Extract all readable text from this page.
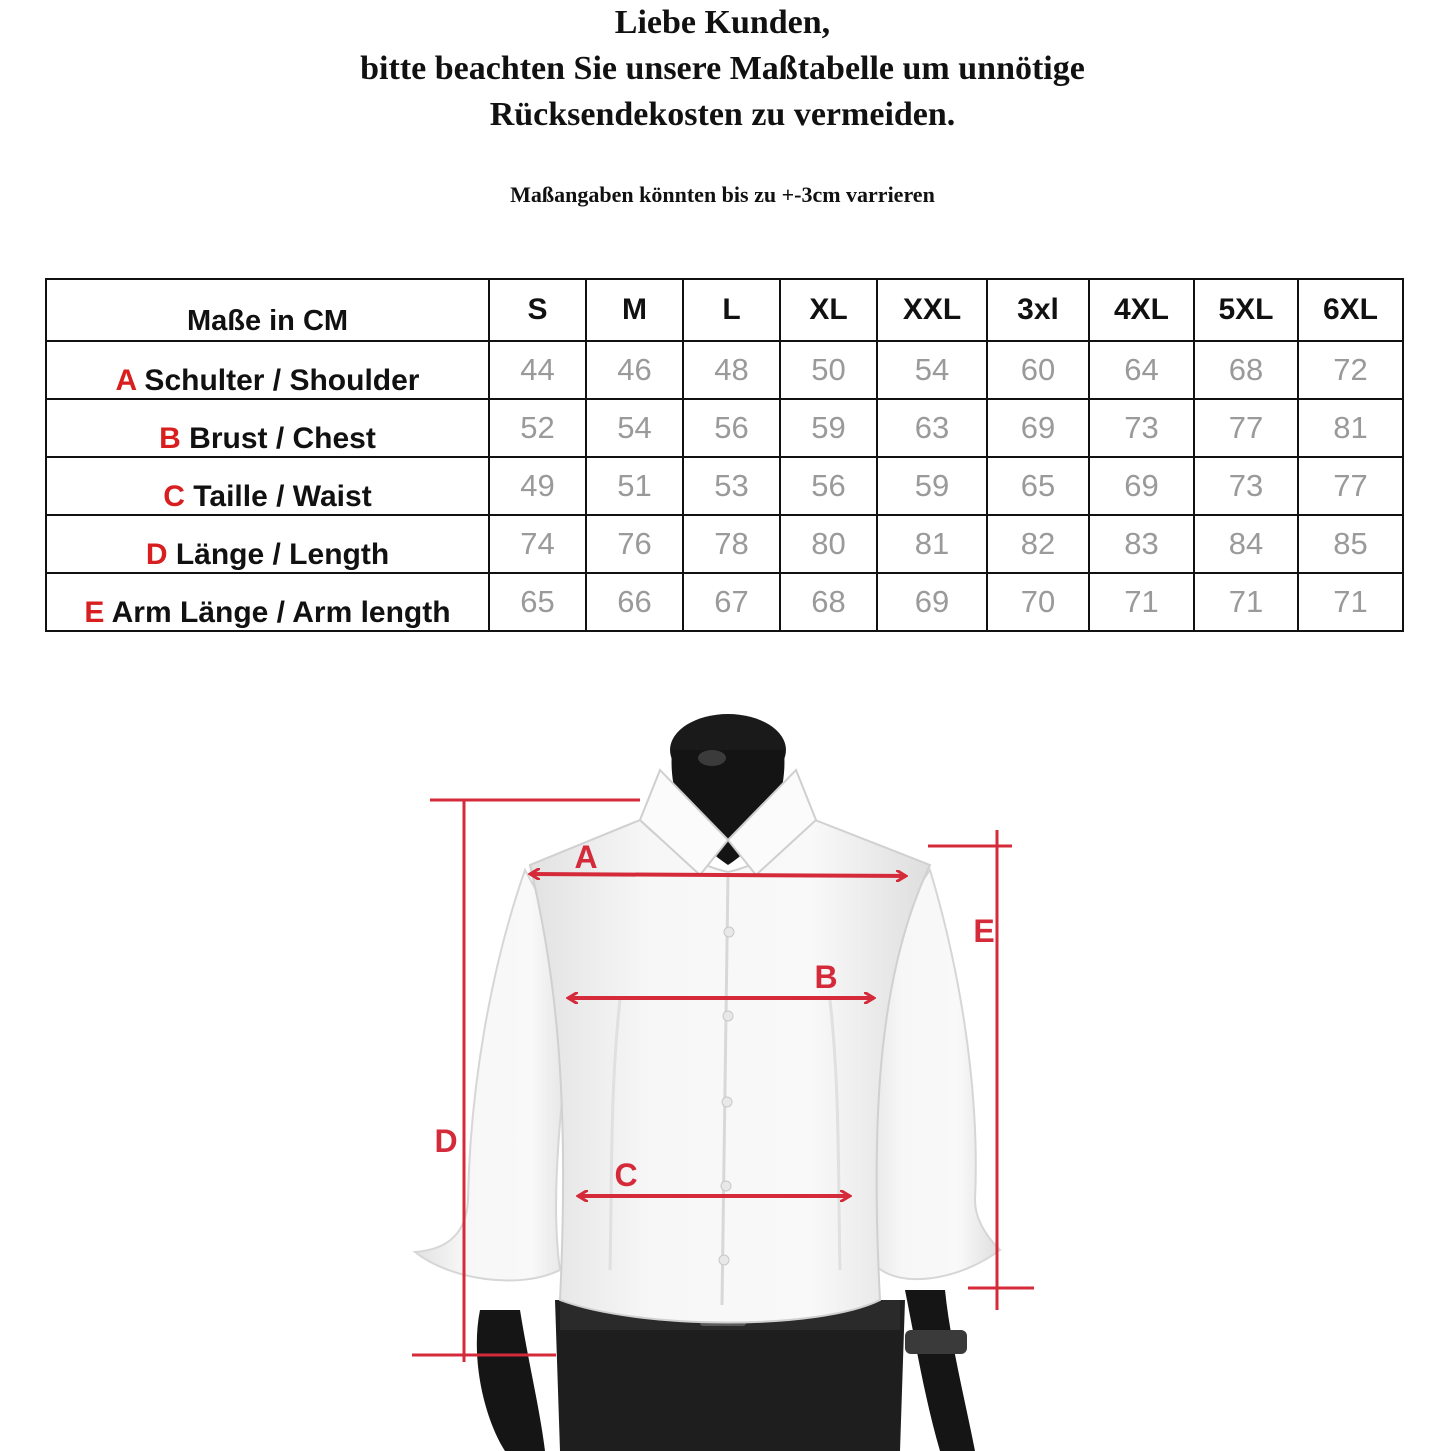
Liebe Kunden,
bitte beachten Sie unsere Maßtabelle um unnötige
Rücksendekosten zu vermeiden.
Maßangaben könnten bis zu +-3cm varrieren
Maße in CM	S	M	L	XL	XXL	3xl	4XL	5XL	6XL
A Schulter / Shoulder	44	46	48	50	54	60	64	68	72
B Brust / Chest	52	54	56	59	63	69	73	77	81
C Taille / Waist	49	51	53	56	59	65	69	73	77
D Länge / Length	74	76	78	80	81	82	83	84	85
E Arm Länge / Arm length	65	66	67	68	69	70	71	71	71
A
B
C
D
E
